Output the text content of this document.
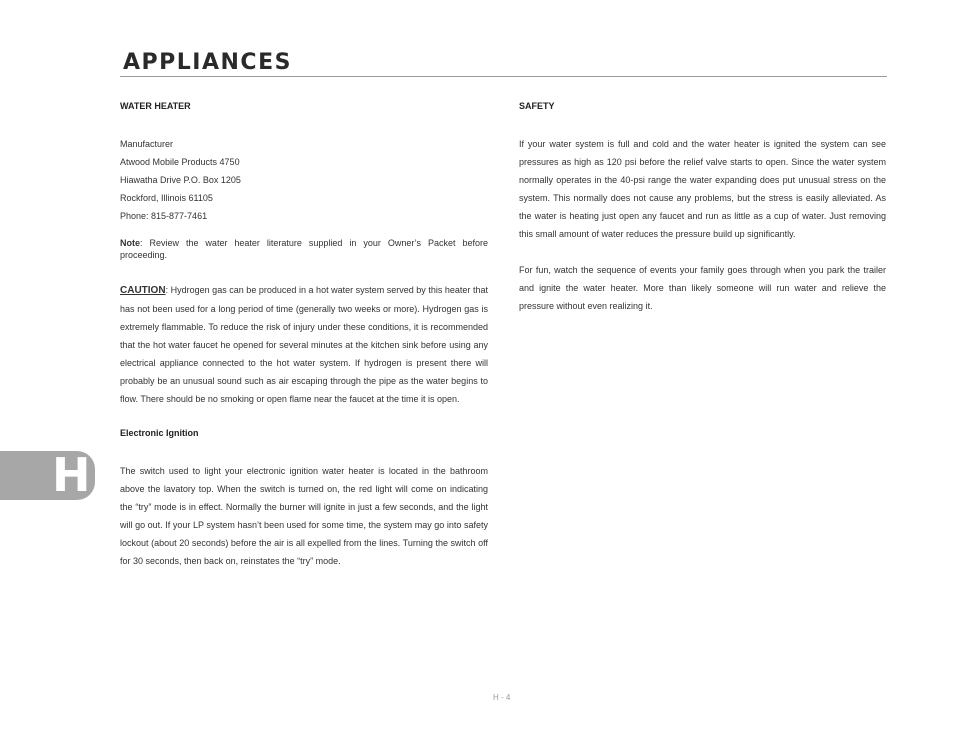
APPLIANCES

WATER HEATER

Manufacturer
Atwood Mobile Products 4750
Hiawatha Drive P.O. Box 1205
Rockford, Illinois 61105
Phone: 815-877-7461

Note: Review the water heater literature supplied in your Owner’s Packet before proceeding.

CAUTION: Hydrogen gas can be produced in a hot water system served by this heater that has not been used for a long period of time (generally two weeks or more). Hydrogen gas is extremely flammable. To reduce the risk of injury under these conditions, it is recommended that the hot water faucet he opened for several minutes at the kitchen sink before using any electrical appliance connected to the hot water system. If hydrogen is present there will probably be an unusual sound such as air escaping through the pipe as the water begins to flow. There should be no smoking or open flame near the faucet at the time it is open.

Electronic Ignition

The switch used to light your electronic ignition water heater is located in the bathroom above the lavatory top. When the switch is turned on, the red light will come on indicating the “try” mode is in effect. Normally the burner will ignite in just a few seconds, and the light will go out. If your LP system hasn’t been used for some time, the system may go into safety lockout (about 20 seconds) before the air is all expelled from the lines. Turning the switch off for 30 seconds, then back on, reinstates the “try” mode.

SAFETY

If your water system is full and cold and the water heater is ignited the system can see pressures as high as 120 psi before the relief valve starts to open. Since the water system normally operates in the 40-psi range the water expanding does put unusual stress on the system. This normally does not cause any problems, but the stress is easily alleviated. As the water is heating just open any faucet and run as little as a cup of water. Just removing this small amount of water reduces the pressure build up significantly.

For fun, watch the sequence of events your family goes through when you park the trailer and ignite the water heater. More than likely someone will run water and relieve the pressure without even realizing it.

H
H - 4
